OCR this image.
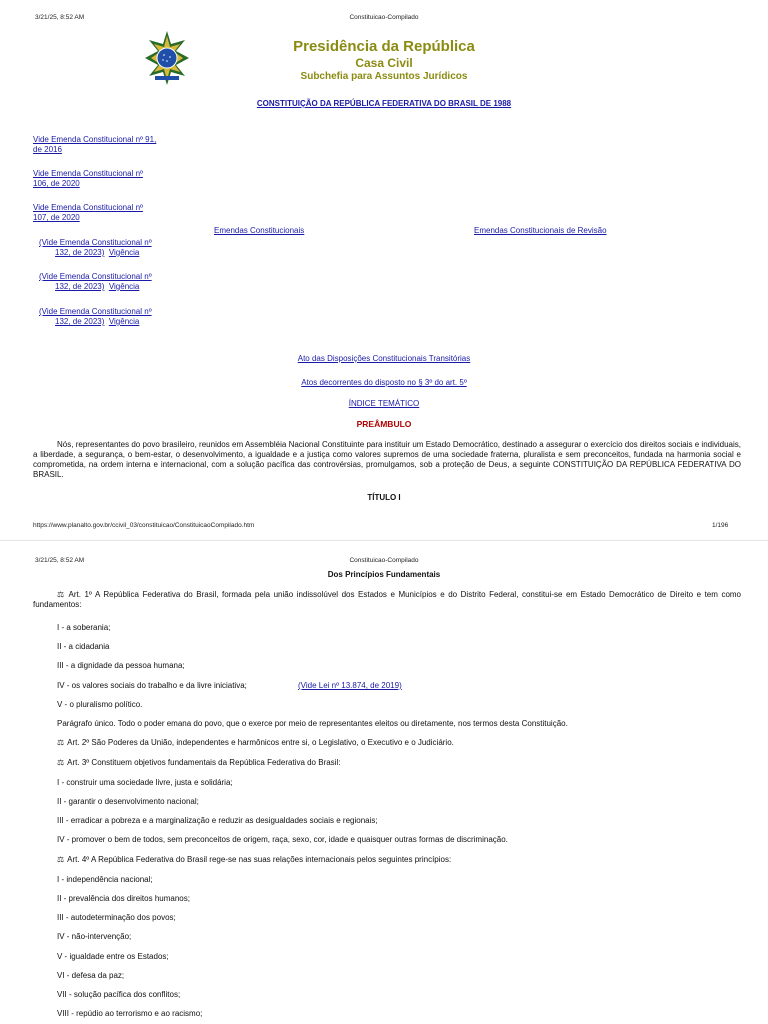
3/21/25, 8:52 AM	Constituicao-Compilado
Presidência da República
Casa Civil
Subchefia para Assuntos Jurídicos
CONSTITUIÇÃO DA REPÚBLICA FEDERATIVA DO BRASIL DE 1988
Vide Emenda Constitucional nº 91,
de 2016
Vide Emenda Constitucional nº
106, de 2020
Vide Emenda Constitucional nº
107, de 2020
Emendas Constitucionais	Emendas Constitucionais de Revisão
(Vide Emenda Constitucional nº
132, de 2023) Vigência
(Vide Emenda Constitucional nº
132, de 2023) Vigência
(Vide Emenda Constitucional nº
132, de 2023) Vigência
Ato das Disposições Constitucionais Transitórias
Atos decorrentes do disposto no § 3º do art. 5º
ÍNDICE TEMÁTICO
PREÂMBULO

Nós, representantes do povo brasileiro, reunidos em Assembléia Nacional Constituinte para instituir um Estado Democrático, destinado a assegurar o exercício dos direitos sociais e individuais, a liberdade, a segurança, o bem-estar, o desenvolvimento, a igualdade e a justiça como valores supremos de uma sociedade fraterna, pluralista e sem preconceitos, fundada na harmonia social e comprometida, na ordem interna e internacional, com a solução pacífica das controvérsias, promulgamos, sob a proteção de Deus, a seguinte CONSTITUIÇÃO DA REPÚBLICA FEDERATIVA DO BRASIL.

TÍTULO I
https://www.planalto.gov.br/ccivil_03/constituicao/ConstituicaoCompilado.htm	1/196
3/21/25, 8:52 AM	Constituicao-Compilado
Dos Princípios Fundamentais

⚖ Art. 1º A República Federativa do Brasil, formada pela união indissolúvel dos Estados e Municípios e do Distrito Federal, constitui-se em Estado Democrático de Direito e tem como fundamentos:

I - a soberania;
II - a cidadania
III - a dignidade da pessoa humana;
IV - os valores sociais do trabalho e da livre iniciativa;	(Vide Lei nº 13.874, de 2019)
V - o pluralismo político.
Parágrafo único. Todo o poder emana do povo, que o exerce por meio de representantes eleitos ou diretamente, nos termos desta Constituição.
⚖ Art. 2º São Poderes da União, independentes e harmônicos entre si, o Legislativo, o Executivo e o Judiciário.
⚖ Art. 3º Constituem objetivos fundamentais da República Federativa do Brasil:
I - construir uma sociedade livre, justa e solidária;
II - garantir o desenvolvimento nacional;
III - erradicar a pobreza e a marginalização e reduzir as desigualdades sociais e regionais;
IV - promover o bem de todos, sem preconceitos de origem, raça, sexo, cor, idade e quaisquer outras formas de discriminação.
⚖ Art. 4º A República Federativa do Brasil rege-se nas suas relações internacionais pelos seguintes princípios:
I - independência nacional;
II - prevalência dos direitos humanos;
III - autodeterminação dos povos;
IV - não-intervenção;
V - igualdade entre os Estados;
VI - defesa da paz;
VII - solução pacífica dos conflitos;
VIII - repúdio ao terrorismo e ao racismo;
